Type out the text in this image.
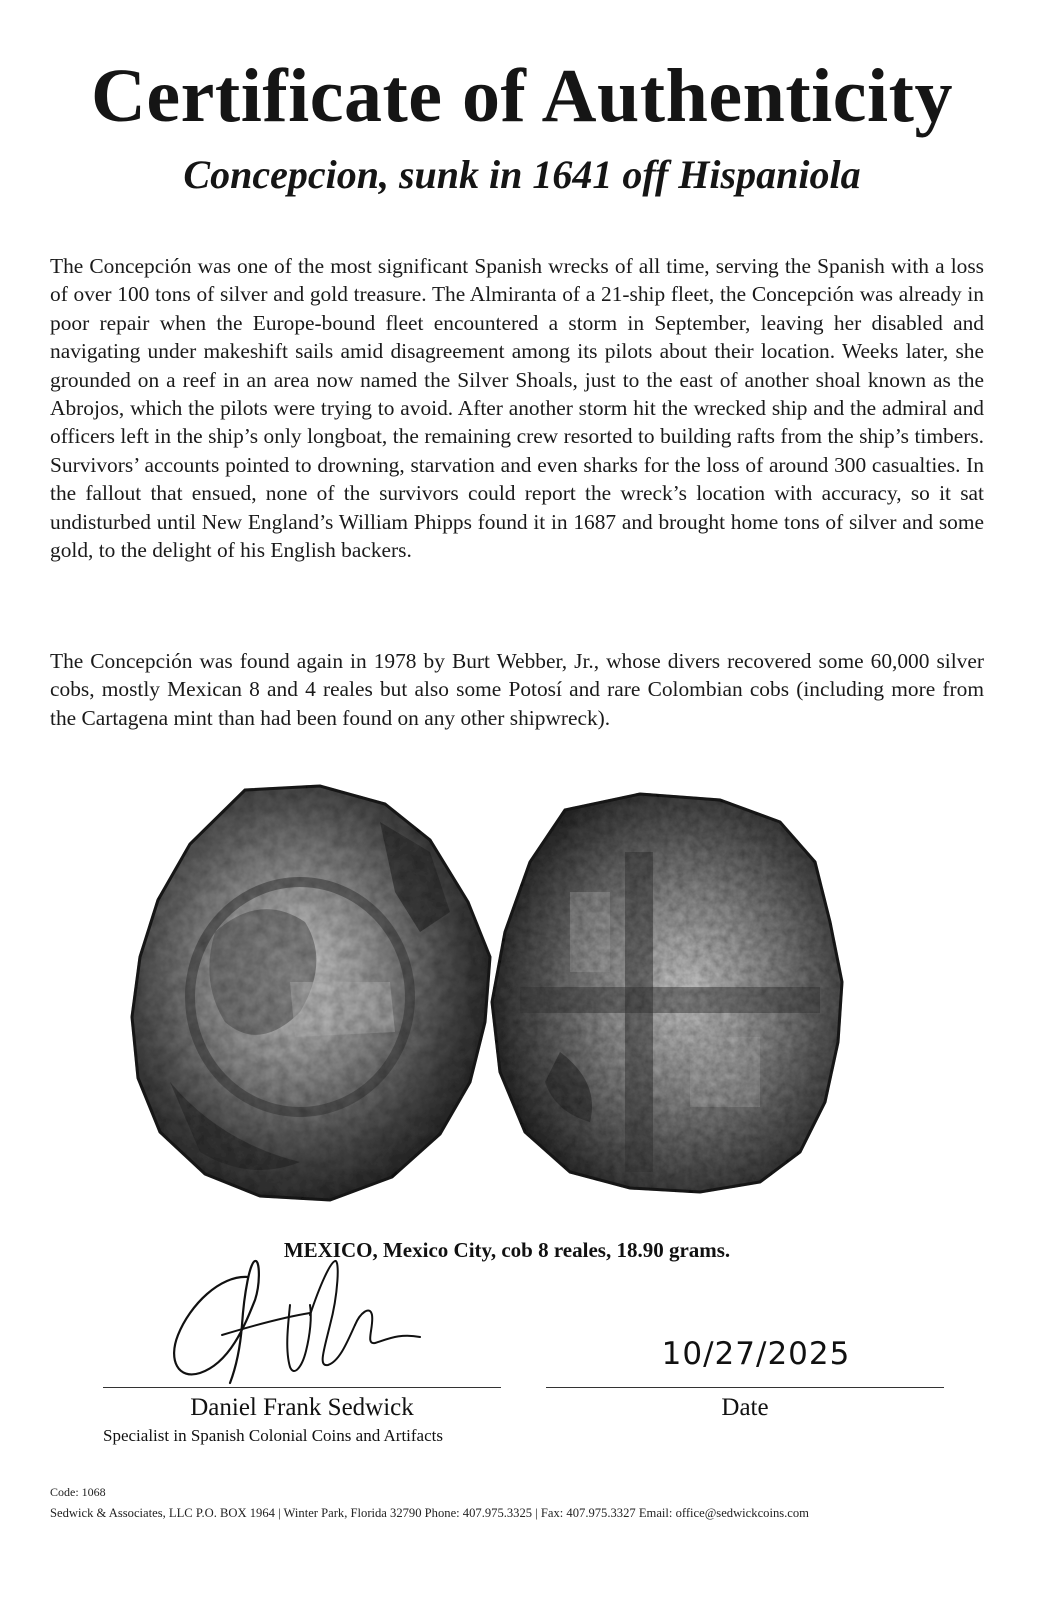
Certificate of Authenticity
Concepcion, sunk in 1641 off Hispaniola

The Concepción was one of the most significant Spanish wrecks of all time, serving the Spanish with a loss of over 100 tons of silver and gold treasure. The Almiranta of a 21-ship fleet, the Concepción was already in poor repair when the Europe-bound fleet encountered a storm in September, leaving her disabled and navigating under makeshift sails amid disagreement among its pilots about their location. Weeks later, she grounded on a reef in an area now named the Silver Shoals, just to the east of another shoal known as the Abrojos, which the pilots were trying to avoid. After another storm hit the wrecked ship and the admiral and officers left in the ship’s only longboat, the remaining crew resorted to building rafts from the ship’s timbers. Survivors’ accounts pointed to drowning, starvation and even sharks for the loss of around 300 casualties. In the fallout that ensued, none of the survivors could report the wreck’s location with accuracy, so it sat undisturbed until New England’s William Phipps found it in 1687 and brought home tons of silver and some gold, to the delight of his English backers.

The Concepción was found again in 1978 by Burt Webber, Jr., whose divers recovered some 60,000 silver cobs, mostly Mexican 8 and 4 reales but also some Potosí and rare Colombian cobs (including more from the Cartagena mint than had been found on any other shipwreck).

MEXICO, Mexico City, cob 8 reales, 18.90 grams.
10/27/2025
Daniel Frank Sedwick
Specialist in Spanish Colonial Coins and Artifacts
Date
Code: 1068
Sedwick & Associates, LLC P.O. BOX 1964 | Winter Park, Florida 32790 Phone: 407.975.3325 | Fax: 407.975.3327 Email: office@sedwickcoins.com
